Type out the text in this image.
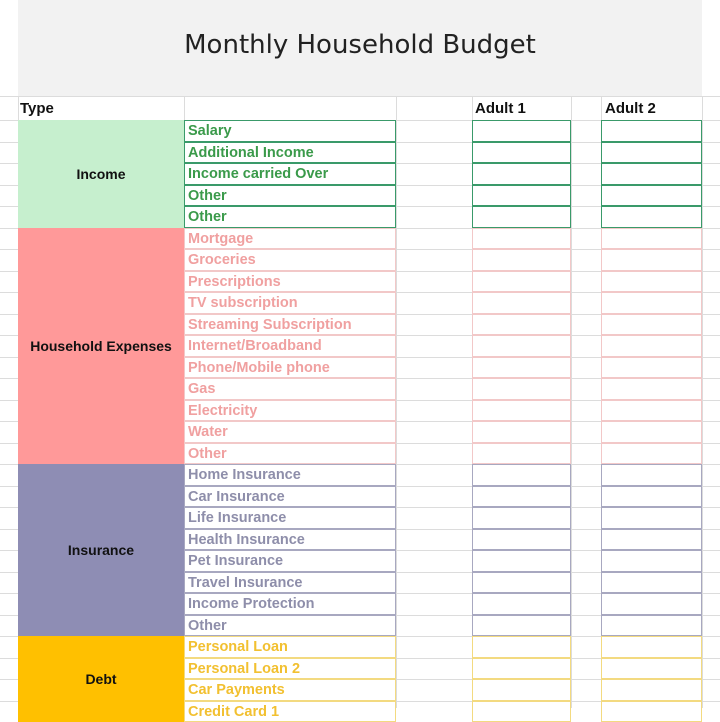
Monthly Household Budget
Type	Adult 1	Adult 2
Income
Salary
Additional Income
Income carried Over
Other
Other
Household Expenses
Mortgage
Groceries
Prescriptions
TV subscription
Streaming Subscription
Internet/Broadband
Phone/Mobile phone
Gas
Electricity
Water
Other
Insurance
Home Insurance
Car Insurance
Life Insurance
Health Insurance
Pet Insurance
Travel Insurance
Income Protection
Other
Debt
Personal Loan
Personal Loan 2
Car Payments
Credit Card 1
